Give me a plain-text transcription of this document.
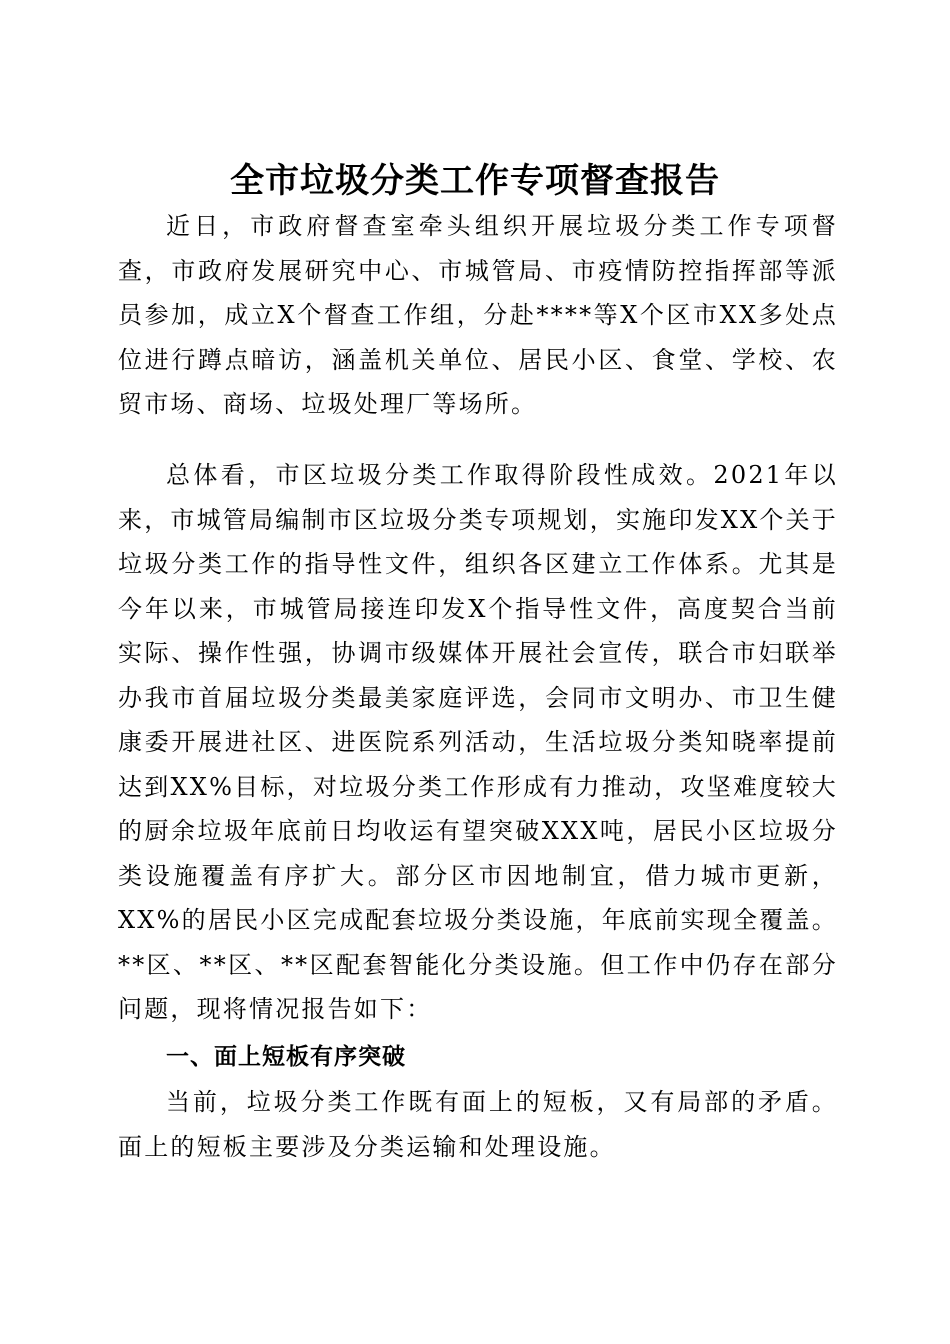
全市垃圾分类工作专项督查报告

近日，市政府督查室牵头组织开展垃圾分类工作专项督查，市政府发展研究中心、市城管局、市疫情防控指挥部等派员参加，成立X个督查工作组，分赴****等X个区市XX多处点位进行蹲点暗访，涵盖机关单位、居民小区、食堂、学校、农贸市场、商场、垃圾处理厂等场所。

总体看，市区垃圾分类工作取得阶段性成效。2021年以来，市城管局编制市区垃圾分类专项规划，实施印发XX个关于垃圾分类工作的指导性文件，组织各区建立工作体系。尤其是今年以来，市城管局接连印发X个指导性文件，高度契合当前实际、操作性强，协调市级媒体开展社会宣传，联合市妇联举办我市首届垃圾分类最美家庭评选，会同市文明办、市卫生健康委开展进社区、进医院系列活动，生活垃圾分类知晓率提前达到XX%目标，对垃圾分类工作形成有力推动，攻坚难度较大的厨余垃圾年底前日均收运有望突破XXX吨，居民小区垃圾分类设施覆盖有序扩大。部分区市因地制宜，借力城市更新，XX%的居民小区完成配套垃圾分类设施，年底前实现全覆盖。**区、**区、**区配套智能化分类设施。但工作中仍存在部分问题，现将情况报告如下：

一、面上短板有序突破

当前，垃圾分类工作既有面上的短板，又有局部的矛盾。面上的短板主要涉及分类运输和处理设施。
